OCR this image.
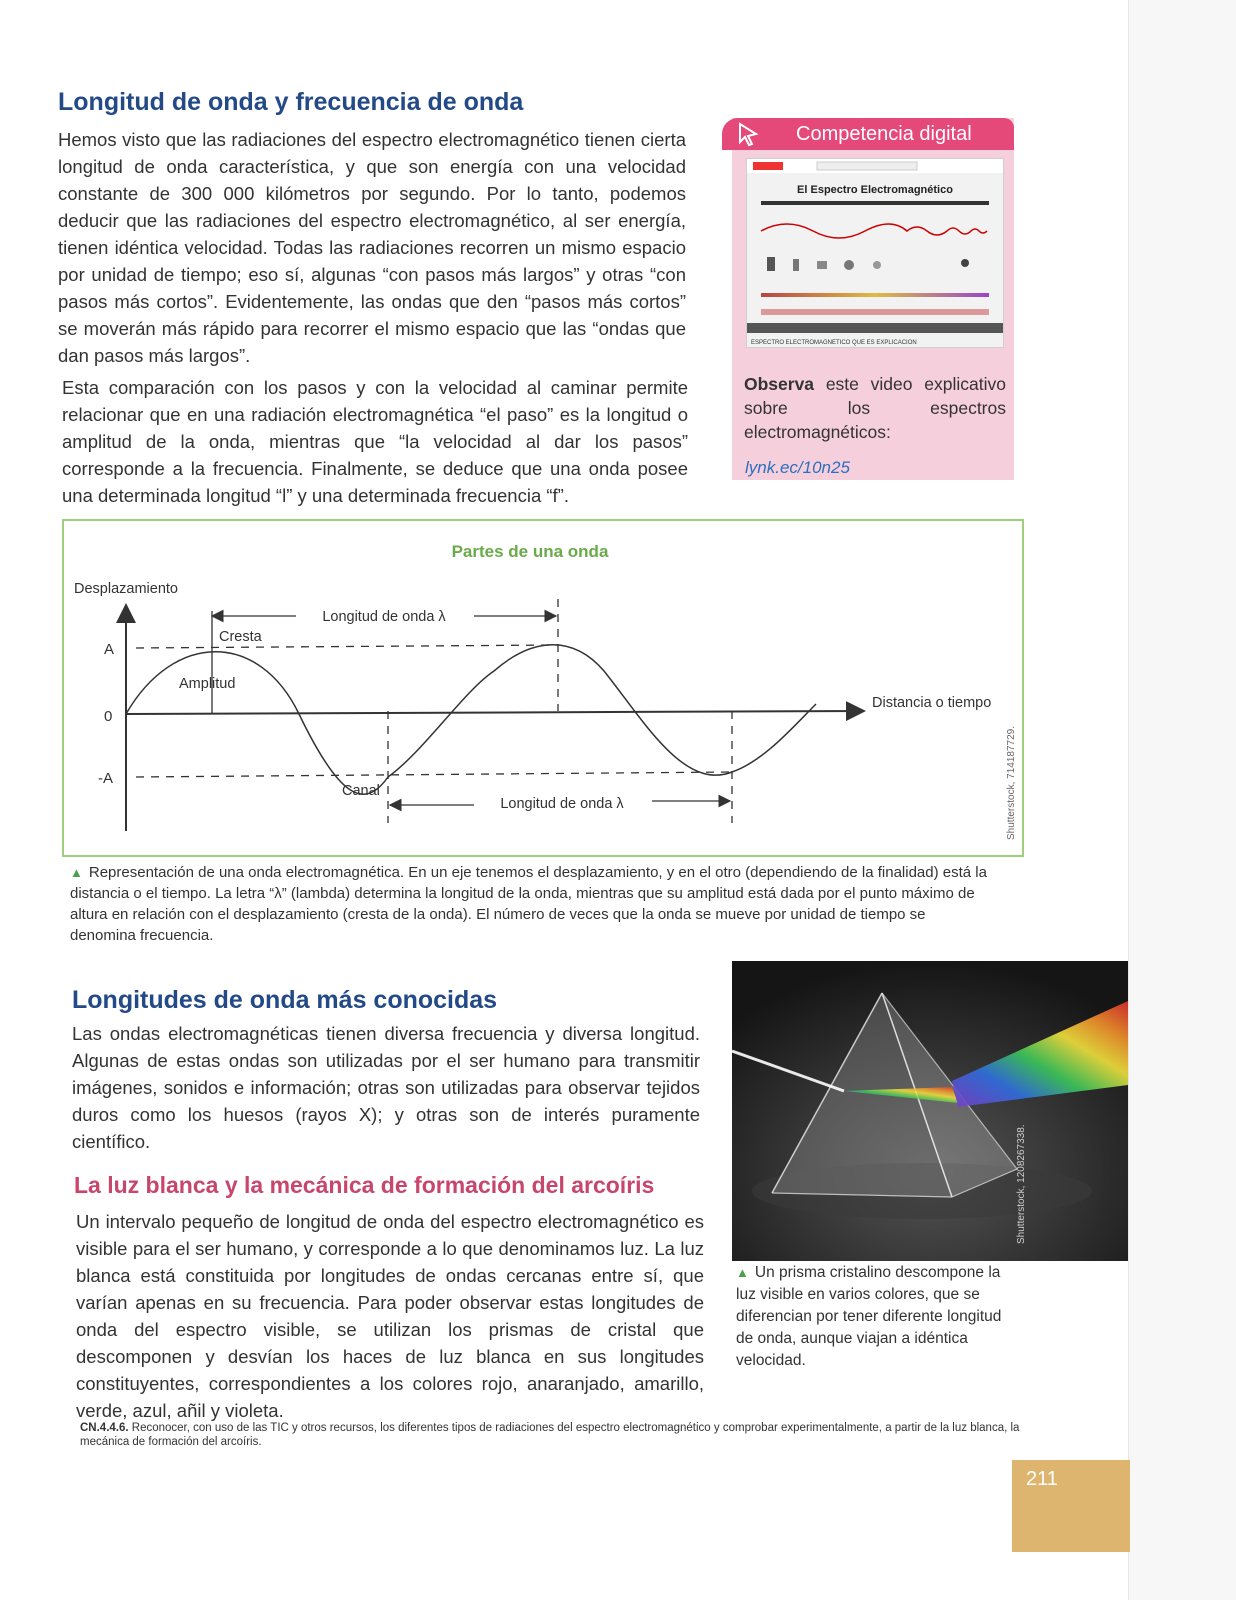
Longitud de onda y frecuencia de onda

Hemos visto que las radiaciones del espectro electromagnético tienen cierta longitud de onda característica, y que son energía con una velocidad constante de 300 000 kilómetros por segundo. Por lo tanto, podemos deducir que las radiaciones del espectro electromagnético, al ser energía, tienen idéntica velocidad. Todas las radiaciones recorren un mismo espacio por unidad de tiempo; eso sí, algunas “con pasos más largos” y otras “con pasos más cortos”. Evidentemente, las ondas que den “pasos más cortos” se moverán más rápido para recorrer el mismo espacio que las “ondas que dan pasos más largos”.

Esta comparación con los pasos y con la velocidad al caminar permite relacionar que en una radiación electromagnética “el paso” es la longitud o amplitud de la onda, mientras que “la velocidad al dar los pasos” corresponde a la frecuencia. Finalmente, se deduce que una onda posee una determinada longitud “l” y una determinada frecuencia “f”.

Competencia digital
El Espectro Electromagnético
ESPECTRO ELECTROMAGNETICO QUE ES EXPLICACION
Observa este video explicativo sobre los espectros electromagnéticos:
lynk.ec/10n25
Partes de una onda
Desplazamiento
Distancia o tiempo
A
0
-A
Cresta
Amplitud
Longitud de onda λ
Canal
Longitud de onda λ	Shutterstock, 714187729.

▲ Representación de una onda electromagnética. En un eje tenemos el desplazamiento, y en el otro (dependiendo de la finalidad) está la distancia o el tiempo. La letra “λ” (lambda) determina la longitud de la onda, mientras que su amplitud está dada por el punto máximo de altura en relación con el desplazamiento (cresta de la onda). El número de veces que la onda se mueve por unidad de tiempo se denomina frecuencia.

Longitudes de onda más conocidas

Las ondas electromagnéticas tienen diversa frecuencia y diversa longitud. Algunas de estas ondas son utilizadas por el ser humano para transmitir imágenes, sonidos e información; otras son utilizadas para observar tejidos duros como los huesos (rayos X); y otras son de interés puramente científico.

La luz blanca y la mecánica de formación del arcoíris

Un intervalo pequeño de longitud de onda del espectro electromagnético es visible para el ser humano, y corresponde a lo que denominamos luz. La luz blanca está constituida por longitudes de ondas cercanas entre sí, que varían apenas en su frecuencia. Para poder observar estas longitudes de onda del espectro visible, se utilizan los prismas de cristal que descomponen y desvían los haces de luz blanca en sus longitudes constituyentes, correspondientes a los colores rojo, anaranjado, amarillo, verde, azul, añil y violeta.

Shutterstock, 1208267338.

▲ Un prisma cristalino descompone la luz visible en varios colores, que se diferencian por tener diferente longitud de onda, aunque viajan a idéntica velocidad.

CN.4.4.6. Reconocer, con uso de las TIC y otros recursos, los diferentes tipos de radiaciones del espectro electromagnético y comprobar experimentalmente, a partir de la luz blanca, la mecánica de formación del arcoíris.
211
